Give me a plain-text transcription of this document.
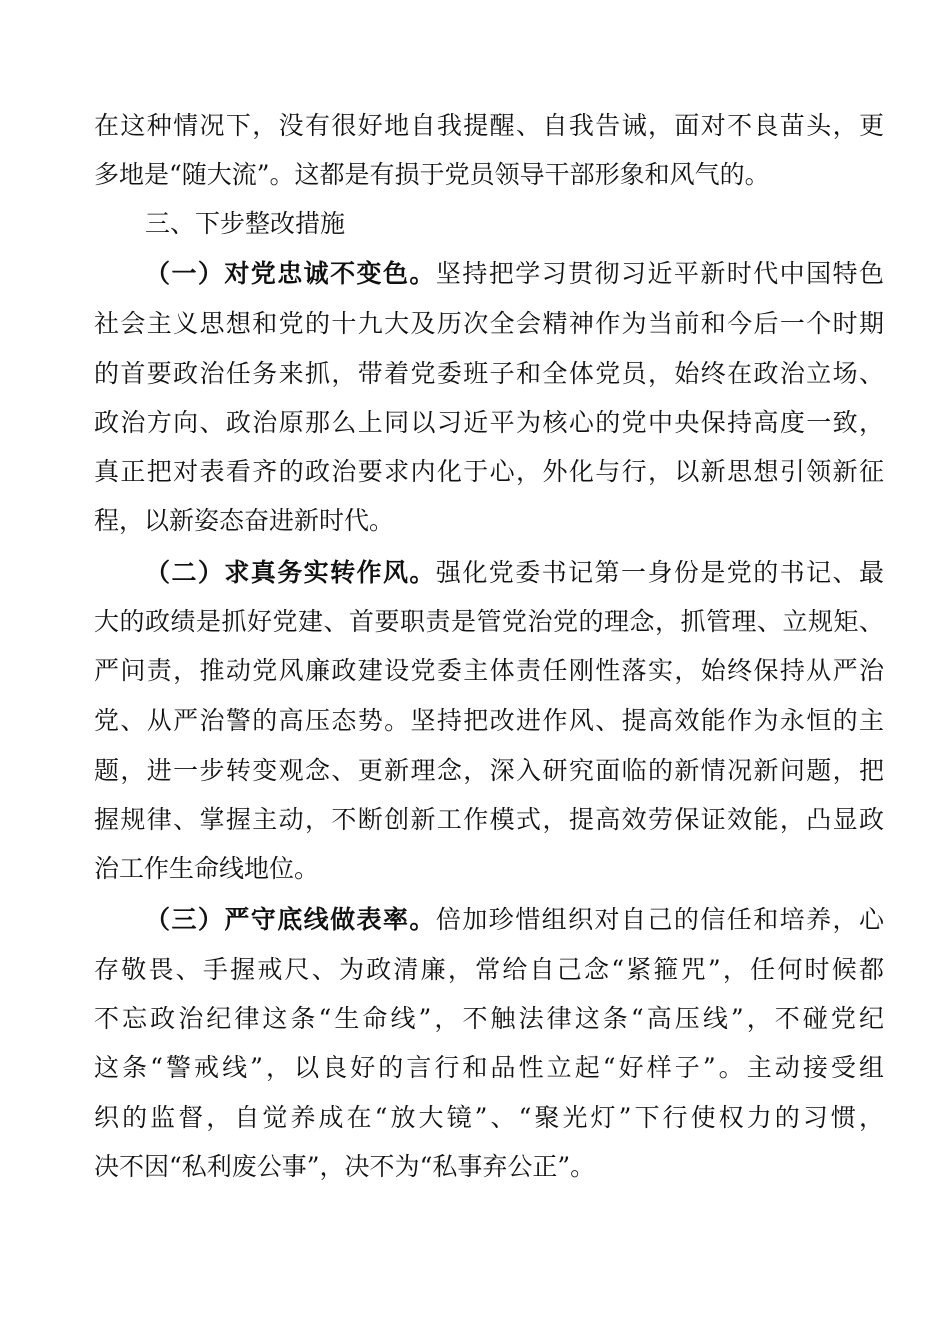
在这种情况下，没有很好地自我提醒、自我告诫，面对不良苗头，更
多地是“随大流”。这都是有损于党员领导干部形象和风气的。
三、下步整改措施
（一）对党忠诚不变色。坚持把学习贯彻习近平新时代中国特色
社会主义思想和党的十九大及历次全会精神作为当前和今后一个时期
的首要政治任务来抓，带着党委班子和全体党员，始终在政治立场、
政治方向、政治原那么上同以习近平为核心的党中央保持高度一致，
真正把对表看齐的政治要求内化于心，外化与行，以新思想引领新征
程，以新姿态奋进新时代。
（二）求真务实转作风。强化党委书记第一身份是党的书记、最
大的政绩是抓好党建、首要职责是管党治党的理念，抓管理、立规矩、
严问责，推动党风廉政建设党委主体责任刚性落实，始终保持从严治
党、从严治警的高压态势。坚持把改进作风、提高效能作为永恒的主
题，进一步转变观念、更新理念，深入研究面临的新情况新问题，把
握规律、掌握主动，不断创新工作模式，提高效劳保证效能，凸显政
治工作生命线地位。
（三）严守底线做表率。倍加珍惜组织对自己的信任和培养，心
存敬畏、手握戒尺、为政清廉，常给自己念“紧箍咒”，任何时候都
不忘政治纪律这条“生命线”，不触法律这条“高压线”，不碰党纪
这条“警戒线”，以良好的言行和品性立起“好样子”。主动接受组
织的监督，自觉养成在“放大镜”、“聚光灯”下行使权力的习惯，
决不因“私利废公事”，决不为“私事弃公正”。
